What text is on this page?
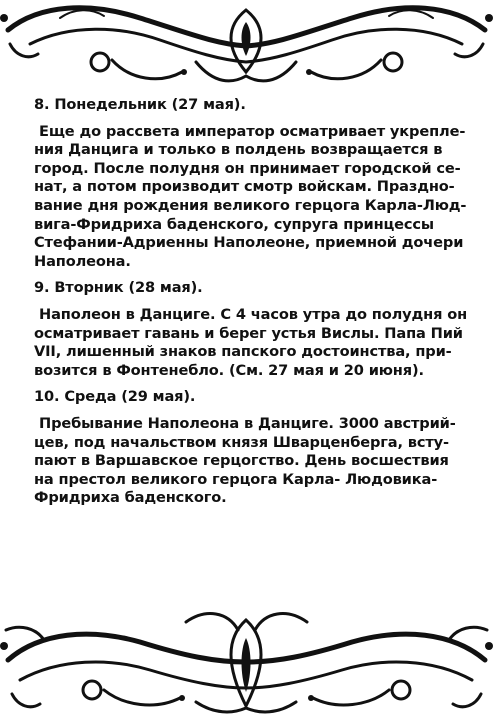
8. Понедельник (27 мая).
Еще до рассвета император осматривает укрепле-
ния Данцига и только в полдень возвращается в
город. После полудня он принимает городской се-
нат, а потом производит смотр войскам. Праздно-
вание дня рождения великого герцога Карла-Люд-
вига-Фридриха баденского, супруга принцессы
Стефании-Адриенны Наполеоне, приемной дочери
Наполеона.
9. Вторник (28 мая).
Наполеон в Данциге. С 4 часов утра до полудня он
осматривает гавань и берег устья Вислы. Папа Пий
VII, лишенный знаков папского достоинства, при-
возится в Фонтенебло. (См. 27 мая и 20 июня).
10. Среда (29 мая).
Пребывание Наполеона в Данциге. 3000 австрий-
цев, под начальством князя Шварценберга, всту-
пают в Варшавское герцогство. День восшествия
на престол великого герцога Карла- Людовика-
Фридриха баденского.
